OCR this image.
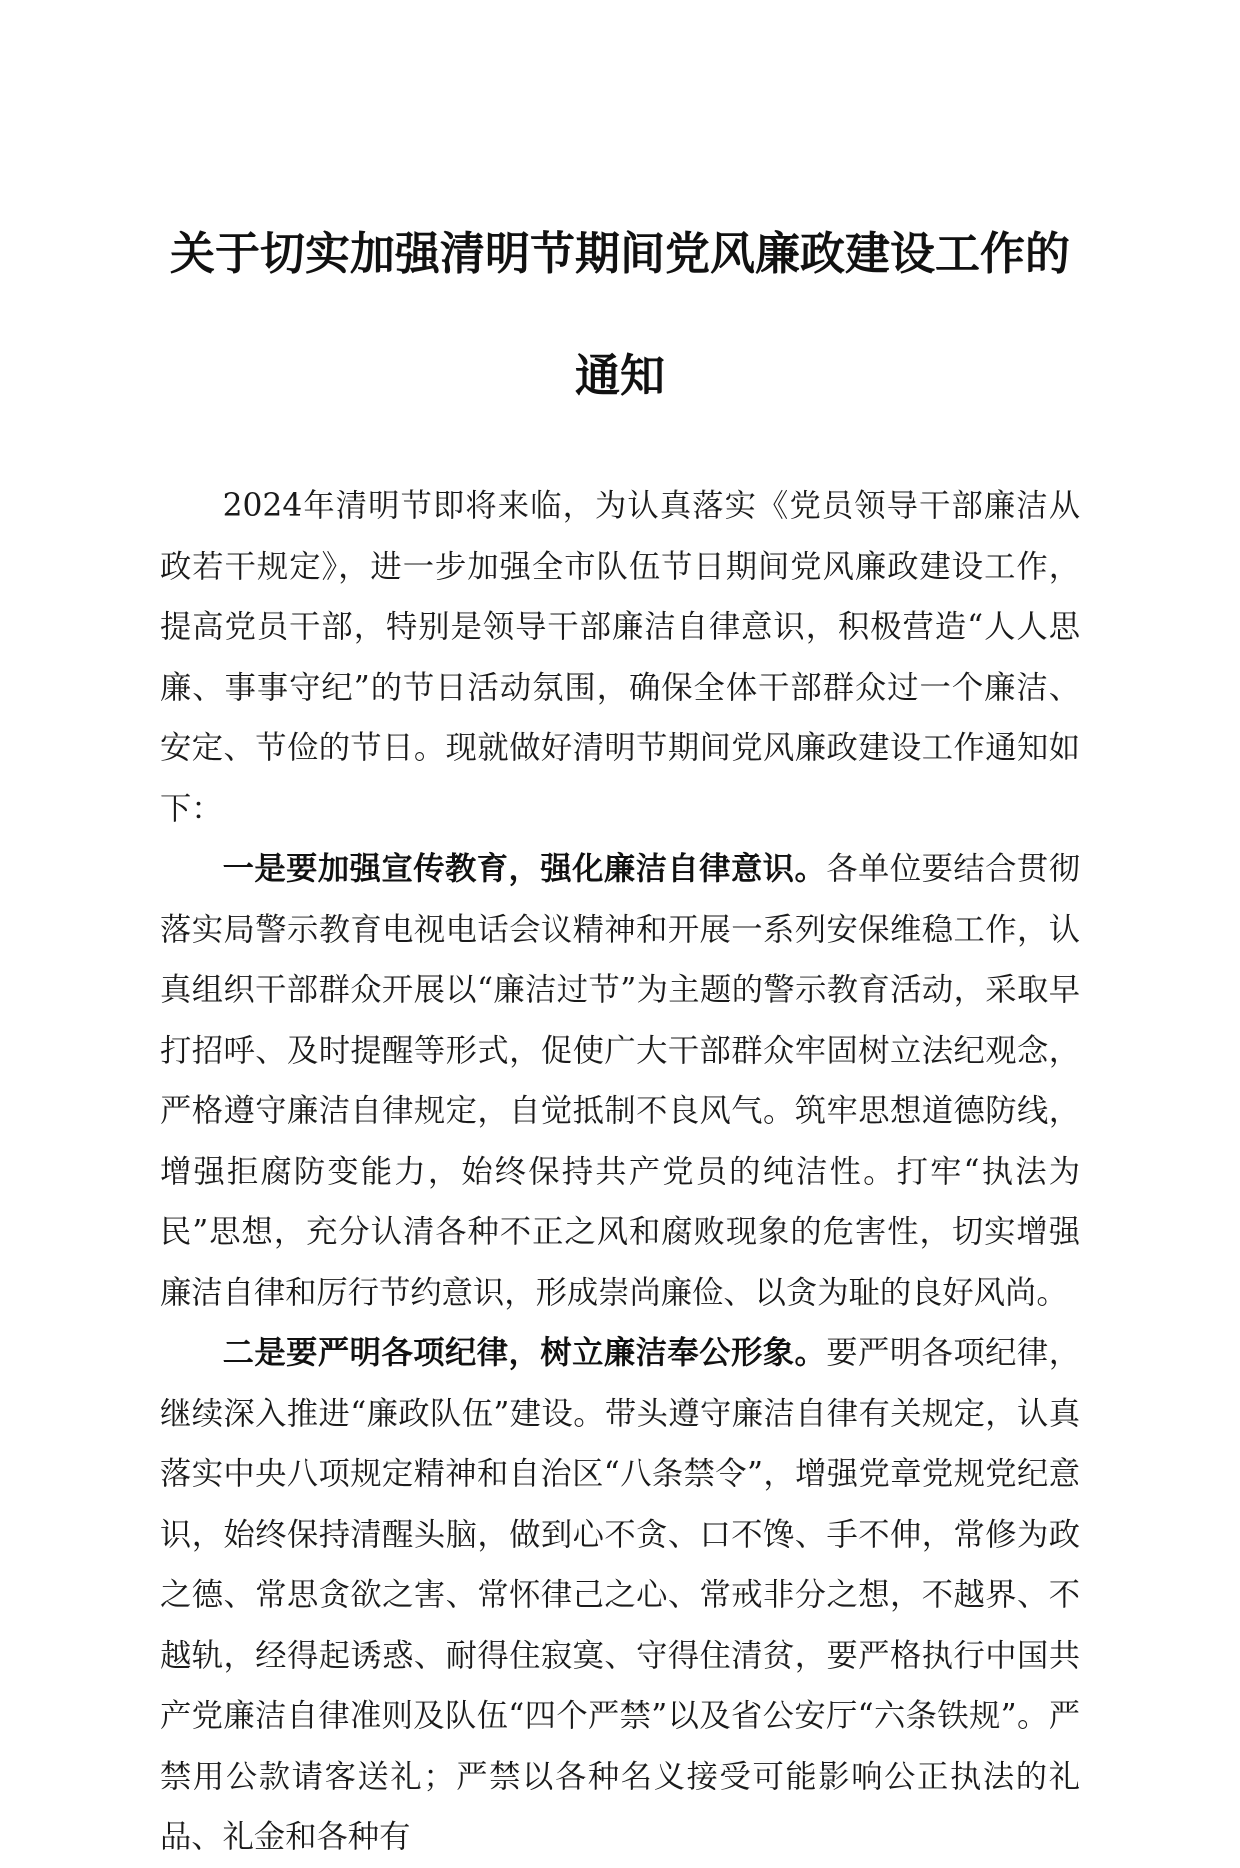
关于切实加强清明节期间党风廉政建设工作的
通知

2024年清明节即将来临，为认真落实《党员领导干部廉洁从政若干规定》，进一步加强全市队伍节日期间党风廉政建设工作，提高党员干部，特别是领导干部廉洁自律意识，积极营造“人人思廉、事事守纪”的节日活动氛围，确保全体干部群众过一个廉洁、安定、节俭的节日。现就做好清明节期间党风廉政建设工作通知如下：

一是要加强宣传教育，强化廉洁自律意识。各单位要结合贯彻落实局警示教育电视电话会议精神和开展一系列安保维稳工作，认真组织干部群众开展以“廉洁过节”为主题的警示教育活动，采取早打招呼、及时提醒等形式，促使广大干部群众牢固树立法纪观念，严格遵守廉洁自律规定，自觉抵制不良风气。筑牢思想道德防线，增强拒腐防变能力，始终保持共产党员的纯洁性。打牢“执法为民”思想，充分认清各种不正之风和腐败现象的危害性，切实增强廉洁自律和厉行节约意识，形成崇尚廉俭、以贪为耻的良好风尚。

二是要严明各项纪律，树立廉洁奉公形象。要严明各项纪律，继续深入推进“廉政队伍”建设。带头遵守廉洁自律有关规定，认真落实中央八项规定精神和自治区“八条禁令”，增强党章党规党纪意识，始终保持清醒头脑，做到心不贪、口不馋、手不伸，常修为政之德、常思贪欲之害、常怀律己之心、常戒非分之想，不越界、不越轨，经得起诱惑、耐得住寂寞、守得住清贫，要严格执行中国共产党廉洁自律准则及队伍“四个严禁”以及省公安厅“六条铁规”。严禁用公款请客送礼；严禁以各种名义接受可能影响公正执法的礼品、礼金和各种有
